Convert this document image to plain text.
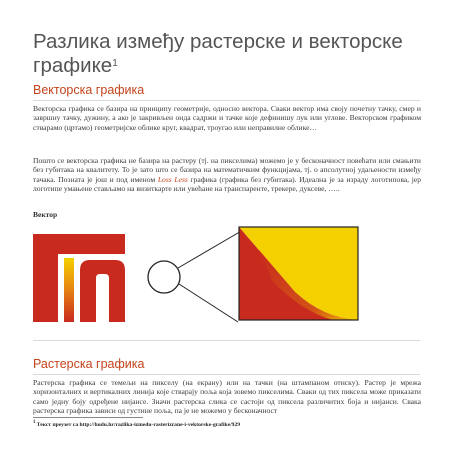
Разлика између растерске и векторске графике$^1$
Векторска графика

Векторска графика се базира на принципу геометрије, односно вектора. Сваки вектор има своју почетну тачку, смер и завршну тачку, дужину, а ако је закривљен онда садржи и тачке које дефинишу лук или углове. Векторском графиком стварамо (цртамо) геометријске облике круг, квадрат, троугао или неправилне облике…

Пошто се векторска графика не базира на растеру (тј. на пикселима) можемо је у бесконачност повећати или смањити без губитака на квалитету. То је зато што се базира на математичким функцијама, тј. о апсолутној удаљености између тачака. Позната је још и под именом Loss Less графика (графика без губитака). Идеална је за израду логотипова, јер логотипе умањене стављамо на визиткарте или увећане на транспаренте, трекере, дуксеве, …..

Вектор
Растерска графика

Растерска графика се темељи на пикселу (на екрану) или на тачки (на штампаном отиску). Растер је мрежа хоризонталних и вертикалних линија које стварају поља која зовемо пикселима. Сваки од тих пиксела може приказати само једну боју одређене нијансе. Значи растерска слика се састоји од пиксела различитих боја и нијанси. Свака растерска графика зависи од густине поља, па је не можемо у бесконачност

$^1$ Текст преузет са http://hudu.hr/razlika-izmedu-rasterizrane-i-vektorske-grafike/929
